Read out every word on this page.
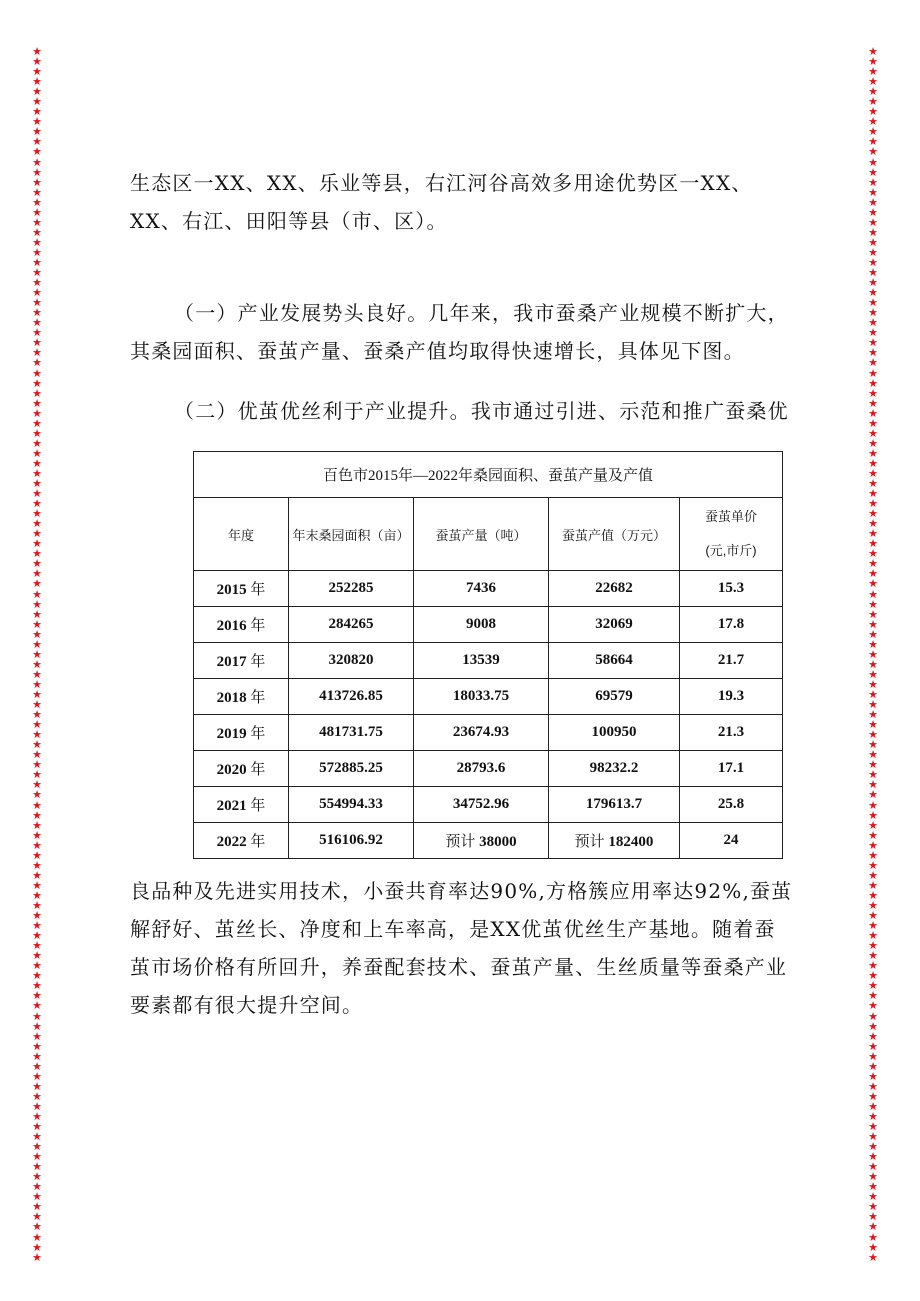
★
★
★
★
★
★
★
★
★
★
★
★
★
★
★
★
★
★
★
★
★
★
★
★
★
★
★
★
★
★
★
★
★
★
★
★
★
★
★
★
★
★
★
★
★
★
★
★
★
★
★
★
★
★
★
★
★
★
★
★
★
★
★
★
★
★
★
★
★
★
★
★
★
★
★
★
★
★
★
★
★
★
★
★
★
★
★
★
★
★
★
★
★
★
★
★
★
★
★
★
★
★
★
★
★
★
★
★
★
★
★
★
★
★
★
★
★
★
★
★
★
★
★
★
★
★
★
★
★
★
★
★
★
★
★
★
★
★
★
★
★
★
★
★
★
★
★
★
★
★
★
★
★
★
★
★
★
★
★
★
★
★
★
★
★
★
★
★
★
★
★
★
★
★
★
★
★
★
★
★
★
★
★
★
★
★
★
★
★
★
★
★
★
★
★
★
★
★
★
★
★
★
★
★
★
★
★
★
★
★
★
★
★
★
★
★
★
★
★
★
★
★
★
★
★
★
★
★
★
★
★
★
★
★
★
★
★
★
★
★
★
★
生态区一XX、XX、乐业等县，右江河谷高效多用途优势区一XX、
XX、右江、田阳等县（市、区）。
（一）产业发展势头良好。几年来，我市蚕桑产业规模不断扩大，
其桑园面积、蚕茧产量、蚕桑产值均取得快速增长，具体见下图。
（二）优茧优丝利于产业提升。我市通过引进、示范和推广蚕桑优
百色市2015年—2022年桑园面积、蚕茧产量及产值				
年度	年末桑园面积（亩）	蚕茧产量（吨）	蚕茧产值（万元）	蚕茧单价
(元,市斤)

2015 年	252285	7436	22682	15.3
2016 年	284265	9008	32069	17.8
2017 年	320820	13539	58664	21.7
2018 年	413726.85	18033.75	69579	19.3
2019 年	481731.75	23674.93	100950	21.3
2020 年	572885.25	28793.6	98232.2	17.1
2021 年	554994.33	34752.96	179613.7	25.8
2022 年	516106.92	预计 38000	预计 182400	24
良品种及先进实用技术，小蚕共育率达90%,方格簇应用率达92%,蚕茧
解舒好、茧丝长、净度和上车率高，是XX优茧优丝生产基地。随着蚕
茧市场价格有所回升，养蚕配套技术、蚕茧产量、生丝质量等蚕桑产业
要素都有很大提升空间。
